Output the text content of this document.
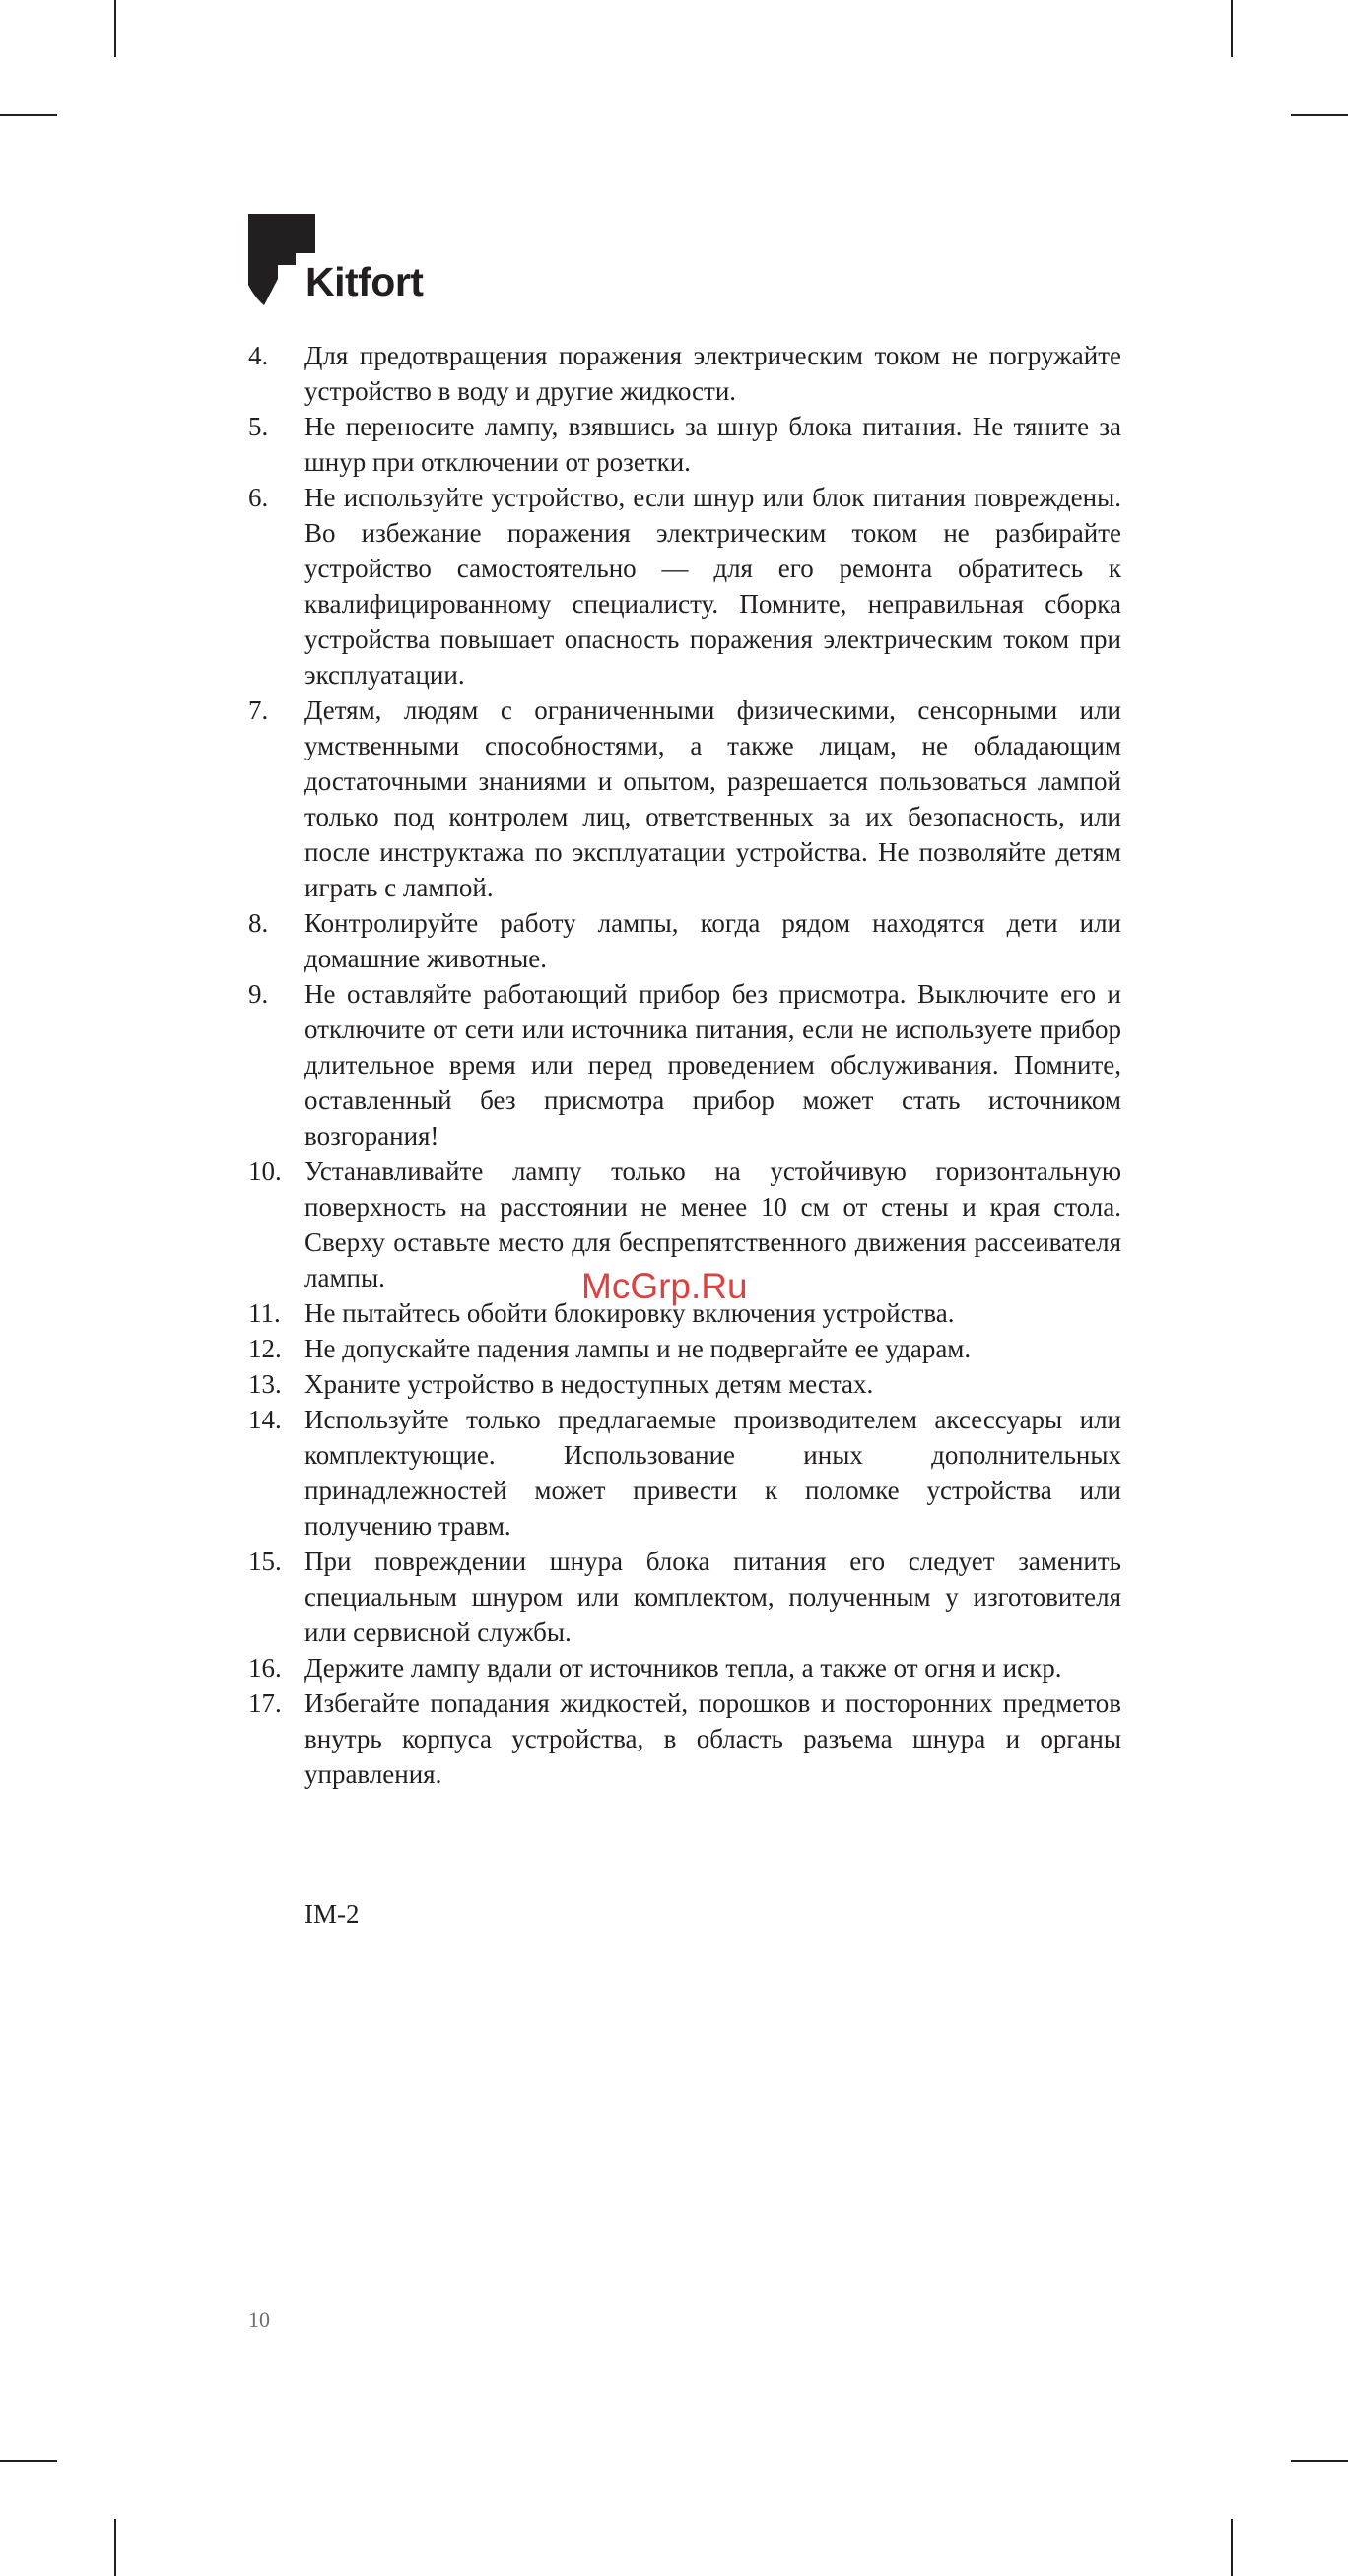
Kitfort
4. Для предотвращения поражения электрическим током не погружайте устройство в воду и другие жидкости.
5. Не переносите лампу, взявшись за шнур блока питания. Не тяните за шнур при отключении от розетки.
6. Не используйте устройство, если шнур или блок питания повреждены. Во избежание поражения электрическим током не разбирайте устройство самостоятельно — для его ремонта обратитесь к квалифицированному специалисту. Помните, неправильная сборка устройства повышает опасность поражения электрическим током при эксплуатации.
7. Детям, людям с ограниченными физическими, сенсорными или умственными способностями, а также лицам, не обладающим достаточными знаниями и опытом, разрешается пользоваться лампой только под контролем лиц, ответственных за их безопасность, или после инструктажа по эксплуатации устройства. Не позволяйте детям играть с лампой.
8. Контролируйте работу лампы, когда рядом находятся дети или домашние животные.
9. Не оставляйте работающий прибор без присмотра. Выключите его и отключите от сети или источника питания, если не используете прибор длительное время или перед проведением обслуживания. Помните, оставленный без присмотра прибор может стать источником возгорания!
10. Устанавливайте лампу только на устойчивую горизонтальную поверхность на расстоянии не менее 10 см от стены и края стола. Сверху оставьте место для беспрепятственного движения рассеивателя лампы.
11. Не пытайтесь обойти блокировку включения устройства.
12. Не допускайте падения лампы и не подвергайте ее ударам.
13. Храните устройство в недоступных детям местах.
14. Используйте только предлагаемые производителем аксессуары или комплектующие. Использование иных дополнительных принадлежностей может привести к поломке устройства или получению травм.
15. При повреждении шнура блока питания его следует заменить специальным шнуром или комплектом, полученным у изготовителя или сервисной службы.
16. Держите лампу вдали от источников тепла, а также от огня и искр.
17. Избегайте попадания жидкостей, порошков и посторонних предметов внутрь корпуса устройства, в область разъема шнура и органы управления.
McGrp.Ru
IM-2
10
